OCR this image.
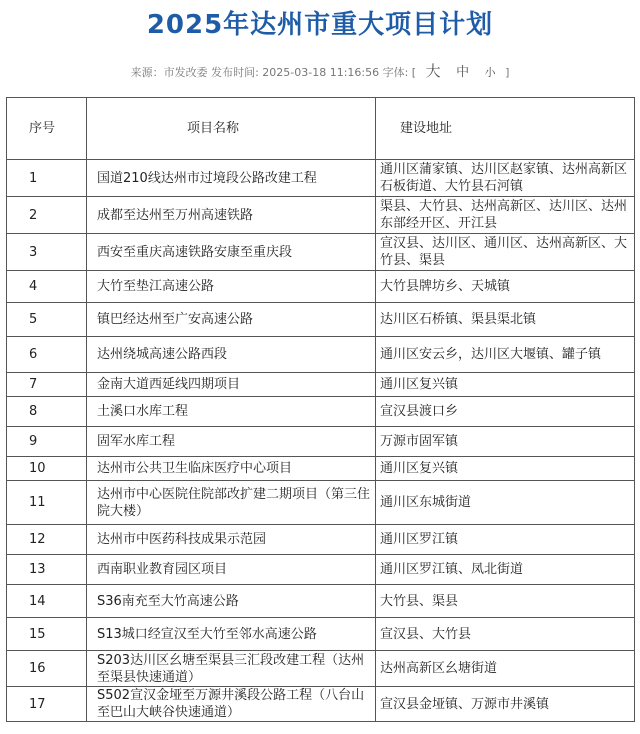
2025年达州市重大项目计划
来源：市发改委 发布时间: 2025-03-18 11:16:56 字体: [ 大 中 小 ]
序号	项目名称	建设地址
1	国道210线达州市过境段公路改建工程	通川区蒲家镇、达川区赵家镇、达州高新区石板街道、大竹县石河镇
2	成都至达州至万州高速铁路	渠县、大竹县、达州高新区、达川区、达州东部经开区、开江县
3	西安至重庆高速铁路安康至重庆段	宣汉县、达川区、通川区、达州高新区、大竹县、渠县
4	大竹至垫江高速公路	大竹县牌坊乡、天城镇
5	镇巴经达州至广安高速公路	达川区石桥镇、渠县渠北镇
6	达州绕城高速公路西段	通川区安云乡，达川区大堰镇、罐子镇
7	金南大道西延线四期项目	通川区复兴镇
8	土溪口水库工程	宣汉县渡口乡
9	固军水库工程	万源市固军镇
10	达州市公共卫生临床医疗中心项目	通川区复兴镇
11	达州市中心医院住院部改扩建二期项目（第三住院大楼）	通川区东城街道
12	达州市中医药科技成果示范园	通川区罗江镇
13	西南职业教育园区项目	通川区罗江镇、凤北街道
14	S36南充至大竹高速公路	大竹县、渠县
15	S13城口经宣汉至大竹至邻水高速公路	宣汉县、大竹县
16	S203达川区幺塘至渠县三汇段改建工程（达州至渠县快速通道）	达州高新区幺塘街道
17	S502宣汉金垭至万源井溪段公路工程（八台山至巴山大峡谷快速通道）	宣汉县金垭镇、万源市井溪镇
